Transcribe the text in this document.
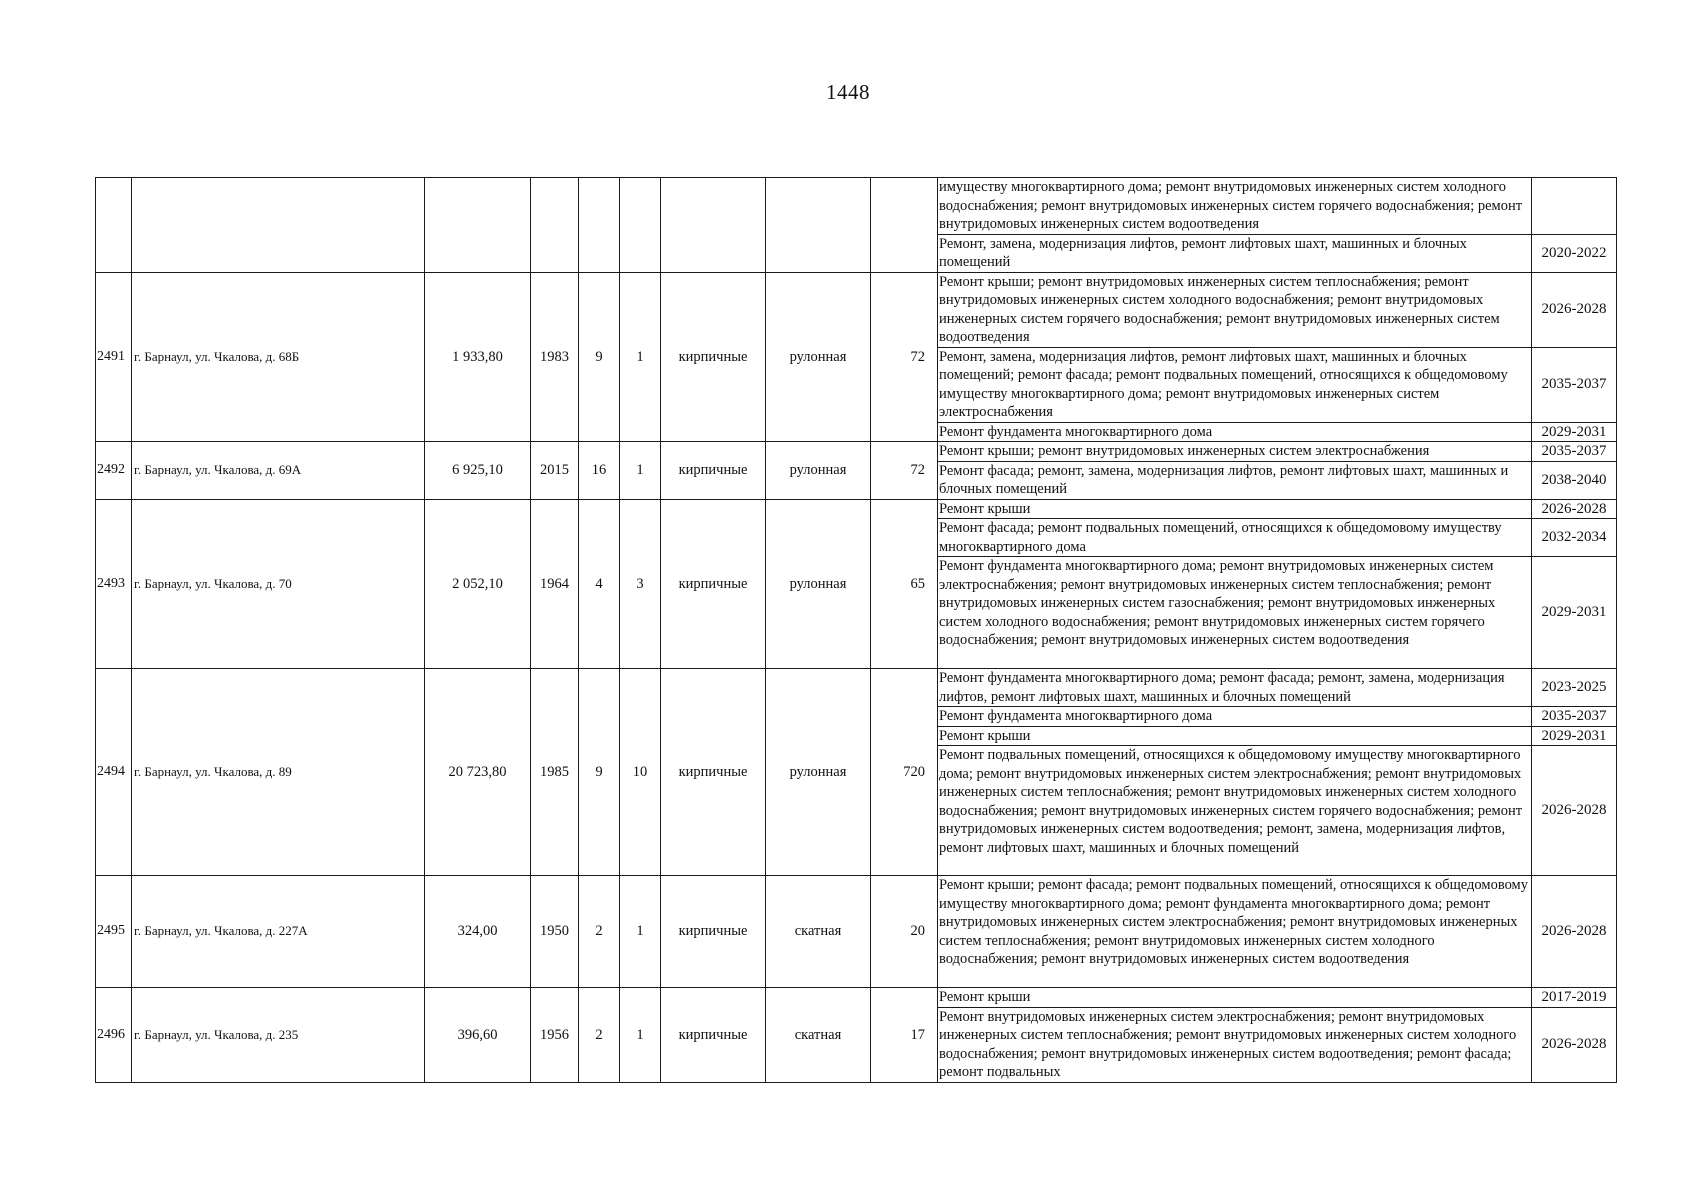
1448
									имуществу многоквартирного дома; ремонт внутридомовых инженерных систем холодного водоснабжения; ремонт внутридомовых инженерных систем горячего водоснабжения; ремонт внутридомовых инженерных систем водоотведения	
									Ремонт, замена, модернизация лифтов, ремонт лифтовых шахт, машинных и блочных помещений	2020-2022
2491	г. Барнаул, ул. Чкалова, д. 68Б	1 933,80	1983	9	1	кирпичные	рулонная	72	Ремонт крыши; ремонт внутридомовых инженерных систем теплоснабжения; ремонт внутридомовых инженерных систем холодного водоснабжения; ремонт внутридомовых инженерных систем горячего водоснабжения; ремонт внутридомовых инженерных систем водоотведения	2026-2028
									Ремонт, замена, модернизация лифтов, ремонт лифтовых шахт, машинных и блочных помещений; ремонт фасада; ремонт подвальных помещений, относящихся к общедомовому имуществу многоквартирного дома; ремонт внутридомовых инженерных систем электроснабжения	2035-2037
									Ремонт фундамента многоквартирного дома	2029-2031
2492	г. Барнаул, ул. Чкалова, д. 69А	6 925,10	2015	16	1	кирпичные	рулонная	72	Ремонт крыши; ремонт внутридомовых инженерных систем электроснабжения	2035-2037
									Ремонт фасада; ремонт, замена, модернизация лифтов, ремонт лифтовых шахт, машинных и блочных помещений	2038-2040
2493	г. Барнаул, ул. Чкалова, д. 70	2 052,10	1964	4	3	кирпичные	рулонная	65	Ремонт крыши	2026-2028
									Ремонт фасада; ремонт подвальных помещений, относящихся к общедомовому имуществу многоквартирного дома	2032-2034
									Ремонт фундамента многоквартирного дома; ремонт внутридомовых инженерных систем электроснабжения; ремонт внутридомовых инженерных систем теплоснабжения; ремонт внутридомовых инженерных систем газоснабжения; ремонт внутридомовых инженерных систем холодного водоснабжения; ремонт внутридомовых инженерных систем горячего водоснабжения; ремонт внутридомовых инженерных систем водоотведения	2029-2031
2494	г. Барнаул, ул. Чкалова, д. 89	20 723,80	1985	9	10	кирпичные	рулонная	720	Ремонт фундамента многоквартирного дома; ремонт фасада; ремонт, замена, модернизация лифтов, ремонт лифтовых шахт, машинных и блочных помещений	2023-2025
									Ремонт фундамента многоквартирного дома	2035-2037
									Ремонт крыши	2029-2031
									Ремонт подвальных помещений, относящихся к общедомовому имуществу многоквартирного дома; ремонт внутридомовых инженерных систем электроснабжения; ремонт внутридомовых инженерных систем теплоснабжения; ремонт внутридомовых инженерных систем холодного водоснабжения; ремонт внутридомовых инженерных систем горячего водоснабжения; ремонт внутридомовых инженерных систем водоотведения; ремонт, замена, модернизация лифтов, ремонт лифтовых шахт, машинных и блочных помещений	2026-2028
2495	г. Барнаул, ул. Чкалова, д. 227А	324,00	1950	2	1	кирпичные	скатная	20	Ремонт крыши; ремонт фасада; ремонт подвальных помещений, относящихся к общедомовому имуществу многоквартирного дома; ремонт фундамента многоквартирного дома; ремонт внутридомовых инженерных систем электроснабжения; ремонт внутридомовых инженерных систем теплоснабжения; ремонт внутридомовых инженерных систем холодного водоснабжения; ремонт внутридомовых инженерных систем водоотведения	2026-2028
2496	г. Барнаул, ул. Чкалова, д. 235	396,60	1956	2	1	кирпичные	скатная	17	Ремонт крыши	2017-2019
									Ремонт внутридомовых инженерных систем электроснабжения; ремонт внутридомовых инженерных систем теплоснабжения; ремонт внутридомовых инженерных систем холодного водоснабжения; ремонт внутридомовых инженерных систем водоотведения; ремонт фасада; ремонт подвальных	2026-2028
